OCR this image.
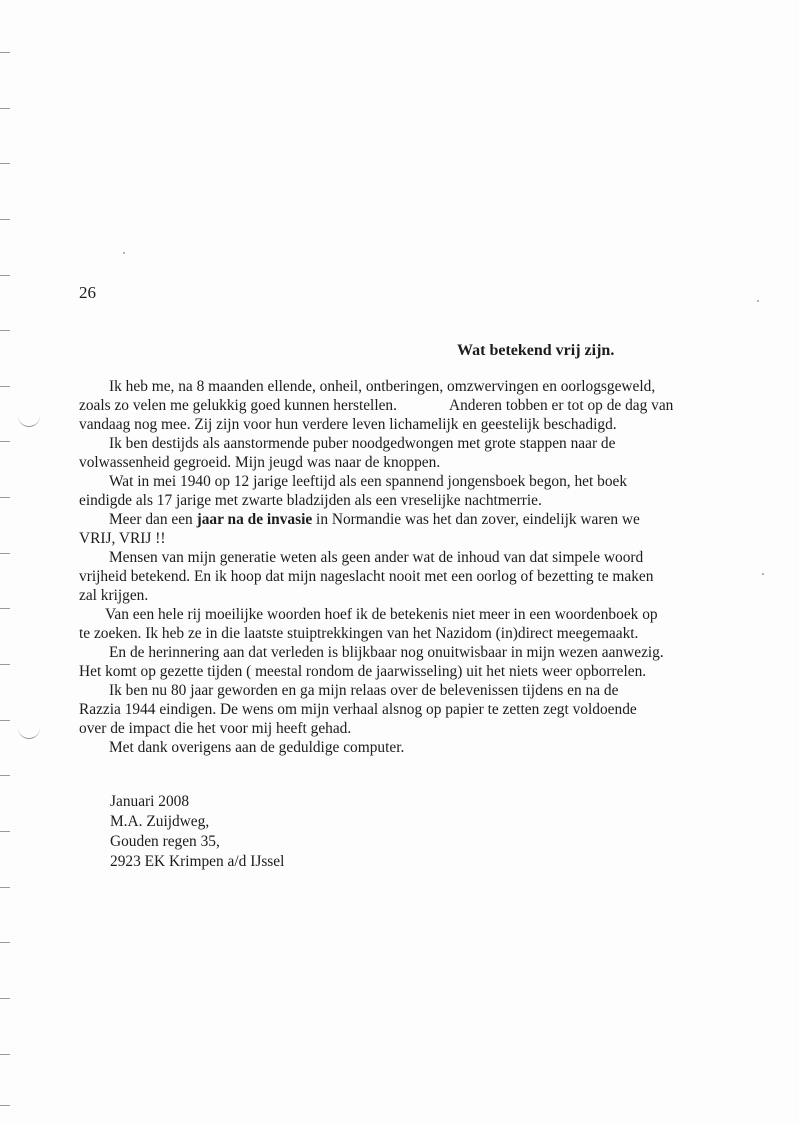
26
Wat betekend vrij zijn.
Ik heb me, na 8 maanden ellende, onheil, ontberingen, omzwervingen en oorlogsgeweld,
zoals zo velen me gelukkig goed kunnen herstellen.	Anderen tobben er tot op de dag van
vandaag nog mee. Zij zijn voor hun verdere leven lichamelijk en geestelijk beschadigd.
Ik ben destijds als aanstormende puber noodgedwongen met grote stappen naar de
volwassenheid gegroeid. Mijn jeugd was naar de knoppen.
Wat in mei 1940 op 12 jarige leeftijd als een spannend jongensboek begon, het boek
eindigde als 17 jarige met zwarte bladzijden als een vreselijke nachtmerrie.
Meer dan een jaar na de invasie in Normandie was het dan zover, eindelijk waren we
VRIJ, VRIJ !!
Mensen van mijn generatie weten als geen ander wat de inhoud van dat simpele woord
vrijheid betekend. En ik hoop dat mijn nageslacht nooit met een oorlog of bezetting te maken
zal krijgen.
Van een hele rij moeilijke woorden hoef ik de betekenis niet meer in een woordenboek op
te zoeken. Ik heb ze in die laatste stuiptrekkingen van het Nazidom (in)direct meegemaakt.
En de herinnering aan dat verleden is blijkbaar nog onuitwisbaar in mijn wezen aanwezig.
Het komt op gezette tijden ( meestal rondom de jaarwisseling) uit het niets weer opborrelen.
Ik ben nu 80 jaar geworden en ga mijn relaas over de belevenissen tijdens en na de
Razzia 1944 eindigen. De wens om mijn verhaal alsnog op papier te zetten zegt voldoende
over de impact die het voor mij heeft gehad.
Met dank overigens aan de geduldige computer.
Januari 2008
M.A. Zuijdweg,
Gouden regen 35,
2923 EK Krimpen a/d IJssel
